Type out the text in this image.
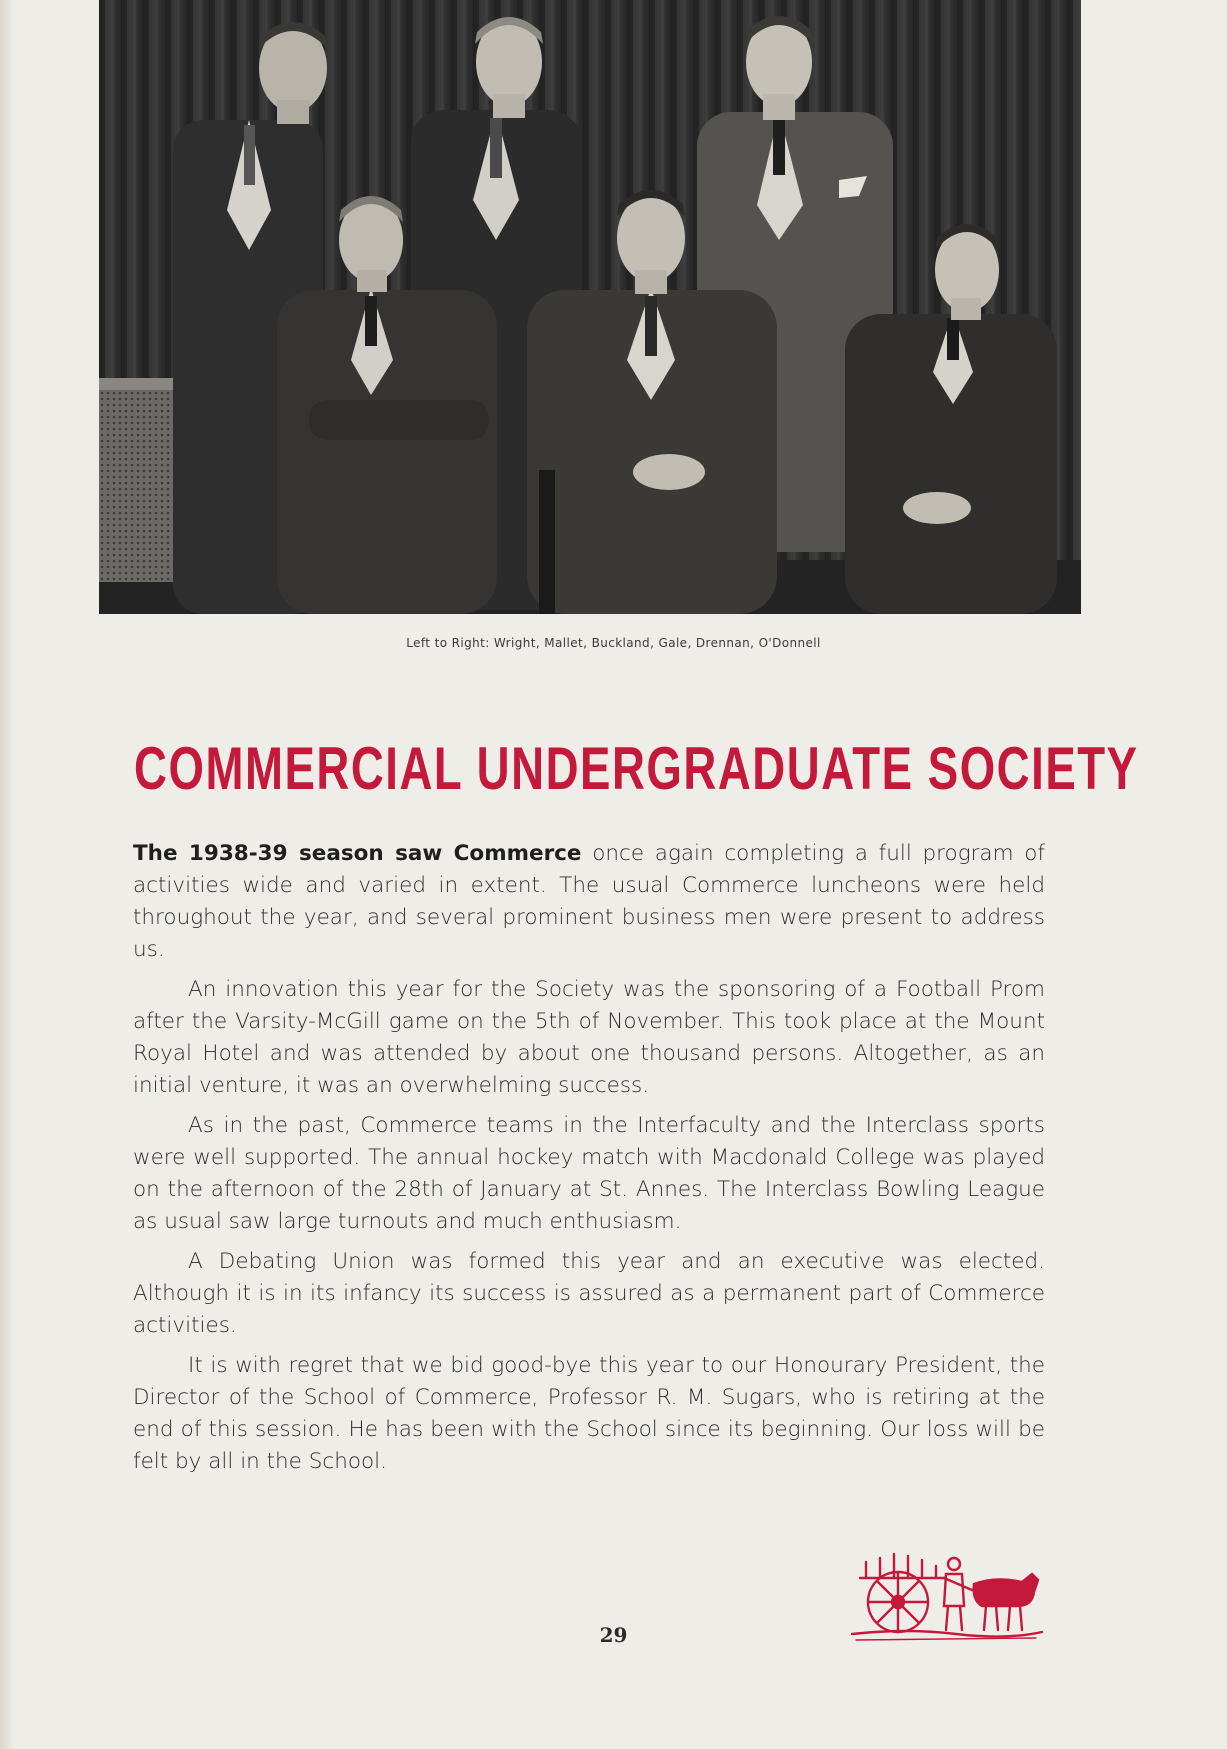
Left to Right: Wright, Mallet, Buckland, Gale, Drennan, O'Donnell
COMMERCIAL UNDERGRADUATE SOCIETY

The 1938-39 season saw Commerce once again completing a full program of activities wide and varied in extent. The usual Commerce luncheons were held throughout the year, and several prominent business men were present to address us.

An innovation this year for the Society was the sponsoring of a Football Prom after the Varsity-McGill game on the 5th of November. This took place at the Mount Royal Hotel and was attended by about one thousand persons. Altogether, as an initial venture, it was an overwhelming success.

As in the past, Commerce teams in the Interfaculty and the Interclass sports were well supported. The annual hockey match with Macdonald College was played on the afternoon of the 28th of January at St. Annes. The Interclass Bowling League as usual saw large turnouts and much enthusiasm.

A Debating Union was formed this year and an executive was elected. Although it is in its infancy its success is assured as a permanent part of Commerce activities.

It is with regret that we bid good-bye this year to our Honourary President, the Director of the School of Commerce, Professor R. M. Sugars, who is retiring at the end of this session. He has been with the School since its beginning. Our loss will be felt by all in the School.

29
